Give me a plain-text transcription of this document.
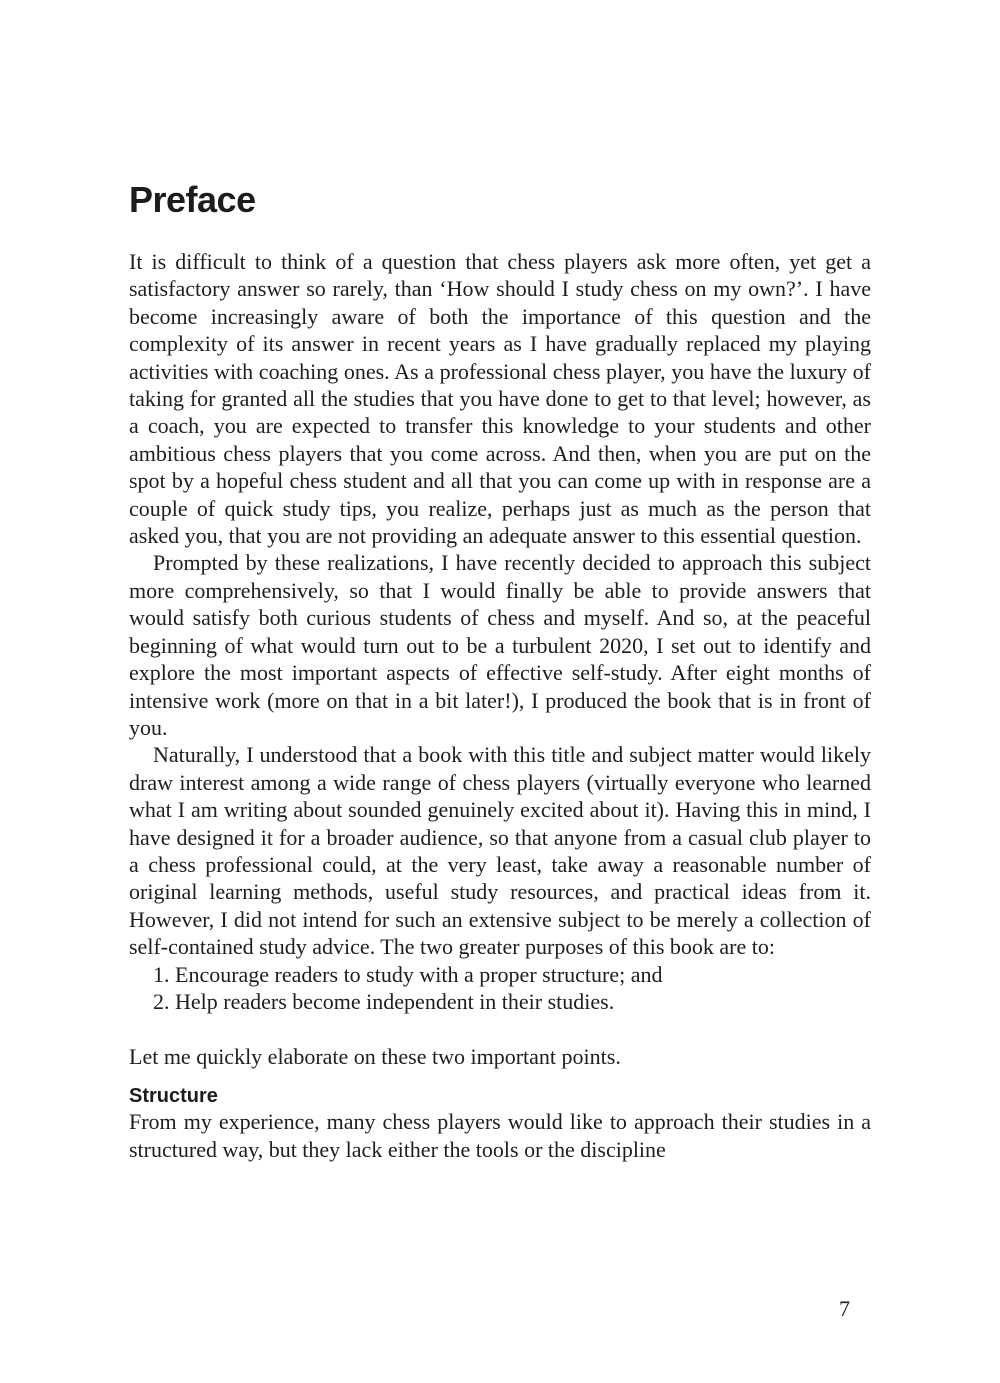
Preface

It is difficult to think of a question that chess players ask more often, yet get a satisfactory answer so rarely, than ‘How should I study chess on my own?’. I have become increasingly aware of both the importance of this question and the complexity of its answer in recent years as I have gradually replaced my playing activities with coaching ones. As a professional chess player, you have the luxury of taking for granted all the studies that you have done to get to that level; however, as a coach, you are expected to transfer this knowledge to your students and other ambitious chess players that you come across. And then, when you are put on the spot by a hopeful chess student and all that you can come up with in response are a couple of quick study tips, you realize, perhaps just as much as the person that asked you, that you are not providing an adequate answer to this essential question.

Prompted by these realizations, I have recently decided to approach this subject more comprehensively, so that I would finally be able to provide answers that would satisfy both curious students of chess and myself. And so, at the peaceful beginning of what would turn out to be a turbulent 2020, I set out to identify and explore the most important aspects of effective self-study. After eight months of intensive work (more on that in a bit later!), I produced the book that is in front of you.

Naturally, I understood that a book with this title and subject matter would likely draw interest among a wide range of chess players (virtually everyone who learned what I am writing about sounded genuinely excited about it). Having this in mind, I have designed it for a broader audience, so that anyone from a casual club player to a chess professional could, at the very least, take away a reasonable number of original learning methods, useful study resources, and practical ideas from it. However, I did not intend for such an extensive subject to be merely a collection of self-contained study advice. The two greater purposes of this book are to:

1. Encourage readers to study with a proper structure; and
2. Help readers become independent in their studies.

Let me quickly elaborate on these two important points.

Structure

From my experience, many chess players would like to approach their studies in a structured way, but they lack either the tools or the discipline

7
